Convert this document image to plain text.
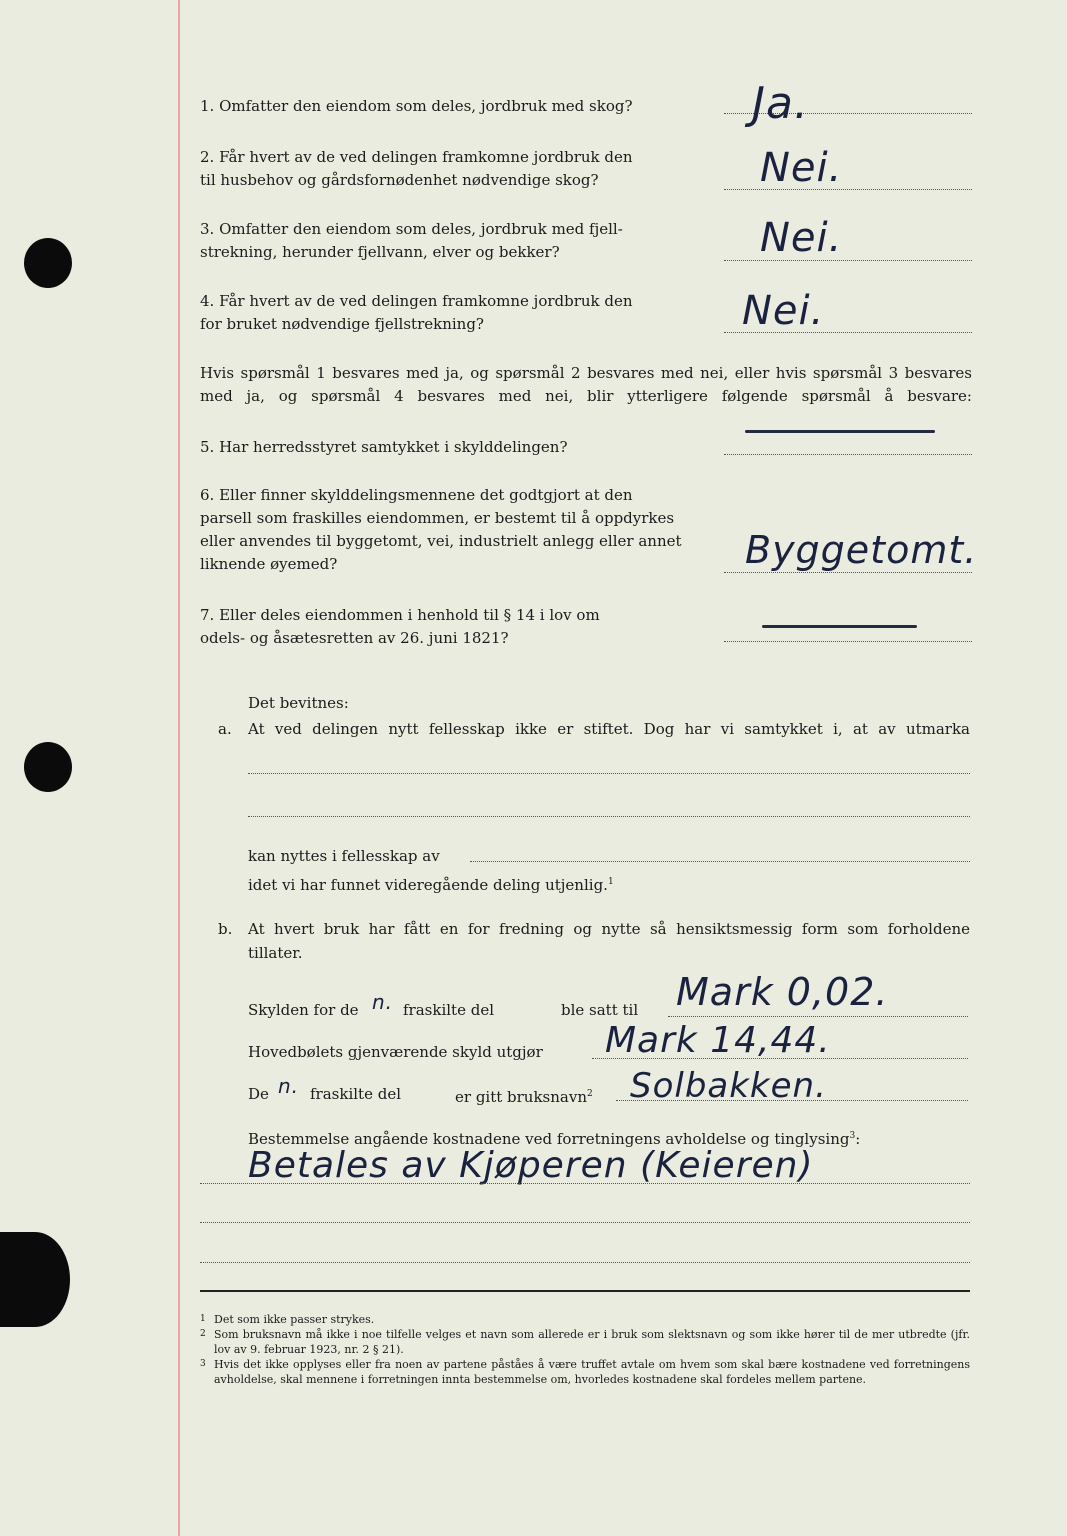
1. Omfatter den eiendom som deles, jordbruk med skog?	Ja.
2. Får hvert av de ved delingen framkomne jordbruk den
til husbehov og gårdsfornødenhet nødvendige skog?	Nei.
3. Omfatter den eiendom som deles, jordbruk med fjell-
strekning, herunder fjellvann, elver og bekker?	Nei.
4. Får hvert av de ved delingen framkomne jordbruk den
for bruket nødvendige fjellstrekning?	Nei.
Hvis spørsmål 1 besvares med ja, og spørsmål 2 besvares med nei, eller hvis spørsmål 3 besvares med ja, og spørsmål 4 besvares med nei, blir ytterligere følgende spørsmål å besvare:
5. Har herredsstyret samtykket i skylddelingen?
6. Eller finner skylddelingsmennene det godtgjort at den
parsell som fraskilles eiendommen, er bestemt til å oppdyrkes
eller anvendes til byggetomt, vei, industrielt anlegg eller annet
liknende øyemed?	Byggetomt.
7. Eller deles eiendommen i henhold til § 14 i lov om
odels- og åsætesretten av 26. juni 1821?
Det bevitnes:
a. At ved delingen nytt fellesskap ikke er stiftet. Dog har vi samtykket i, at av utmarka
kan nyttes i fellesskap av
idet vi har funnet videregående deling utjenlig.$^1$
b. At hvert bruk har fått en for fredning og nytte så hensiktsmessig form som forholdene
tillater.
Skylden for de n. fraskilte del	ble satt til Mark 0,02.
Hovedbølets gjenværende skyld utgjør Mark 14,44.
De n. fraskilte del	er gitt bruksnavn$^2$ Solbakken.
Bestemmelse angående kostnadene ved forretningens avholdelse og tinglysing$^3$:
Betales av Kjøperen (Keieren)
1 Det som ikke passer strykes.
2 Som bruksnavn må ikke i noe tilfelle velges et navn som allerede er i bruk som slektsnavn og som ikke hører til de mer utbredte (jfr. lov av 9. februar 1923, nr. 2 § 21).
3 Hvis det ikke opplyses eller fra noen av partene påståes å være truffet avtale om hvem som skal bære kostnadene ved forretningens avholdelse, skal mennene i forretningen innta bestemmelse om, hvorledes kostnadene skal fordeles mellem partene.
